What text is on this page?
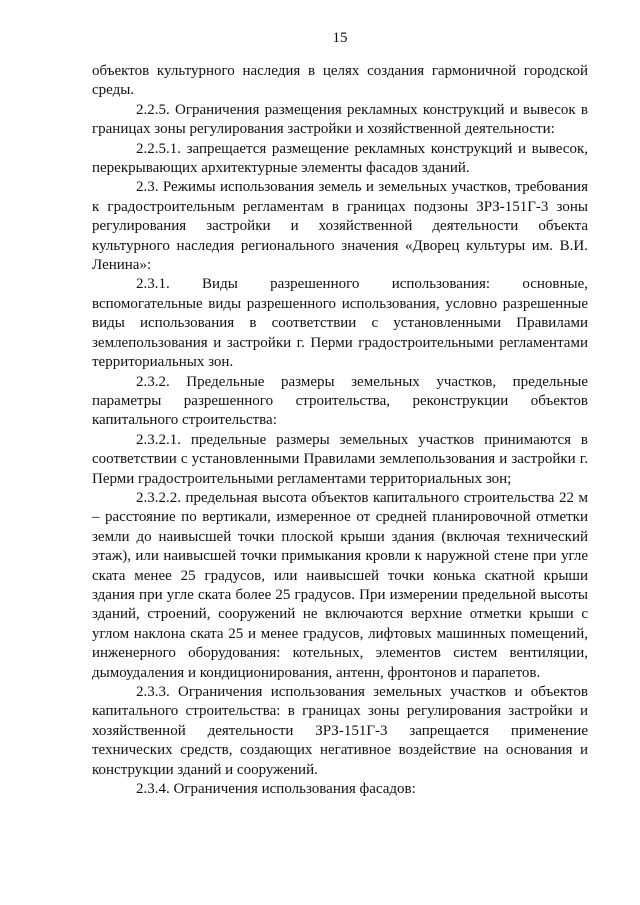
15

объектов культурного наследия в целях создания гармоничной городской среды.

2.2.5. Ограничения размещения рекламных конструкций и вывесок в границах зоны регулирования застройки и хозяйственной деятельности:

2.2.5.1. запрещается размещение рекламных конструкций и вывесок, перекрывающих архитектурные элементы фасадов зданий.

2.3. Режимы использования земель и земельных участков, требования к градостроительным регламентам в границах подзоны ЗРЗ-151Г-3 зоны регулирования застройки и хозяйственной деятельности объекта культурного наследия регионального значения «Дворец культуры им. В.И. Ленина»:

2.3.1. Виды разрешенного использования: основные, вспомогательные виды разрешенного использования, условно разрешенные виды использования в соответствии с установленными Правилами землепользования и застройки г. Перми градостроительными регламентами территориальных зон.

2.3.2. Предельные размеры земельных участков, предельные параметры разрешенного строительства, реконструкции объектов капитального строительства:

2.3.2.1. предельные размеры земельных участков принимаются в соответствии с установленными Правилами землепользования и застройки г. Перми градостроительными регламентами территориальных зон;

2.3.2.2. предельная высота объектов капитального строительства 22 м – расстояние по вертикали, измеренное от средней планировочной отметки земли до наивысшей точки плоской крыши здания (включая технический этаж), или наивысшей точки примыкания кровли к наружной стене при угле ската менее 25 градусов, или наивысшей точки конька скатной крыши здания при угле ската более 25 градусов. При измерении предельной высоты зданий, строений, сооружений не включаются верхние отметки крыши с углом наклона ската 25 и менее градусов, лифтовых машинных помещений, инженерного оборудования: котельных, элементов систем вентиляции, дымоудаления и кондиционирования, антенн, фронтонов и парапетов.

2.3.3. Ограничения использования земельных участков и объектов капитального строительства: в границах зоны регулирования застройки и хозяйственной деятельности ЗРЗ-151Г-3 запрещается применение технических средств, создающих негативное воздействие на основания и конструкции зданий и сооружений.

2.3.4. Ограничения использования фасадов:
